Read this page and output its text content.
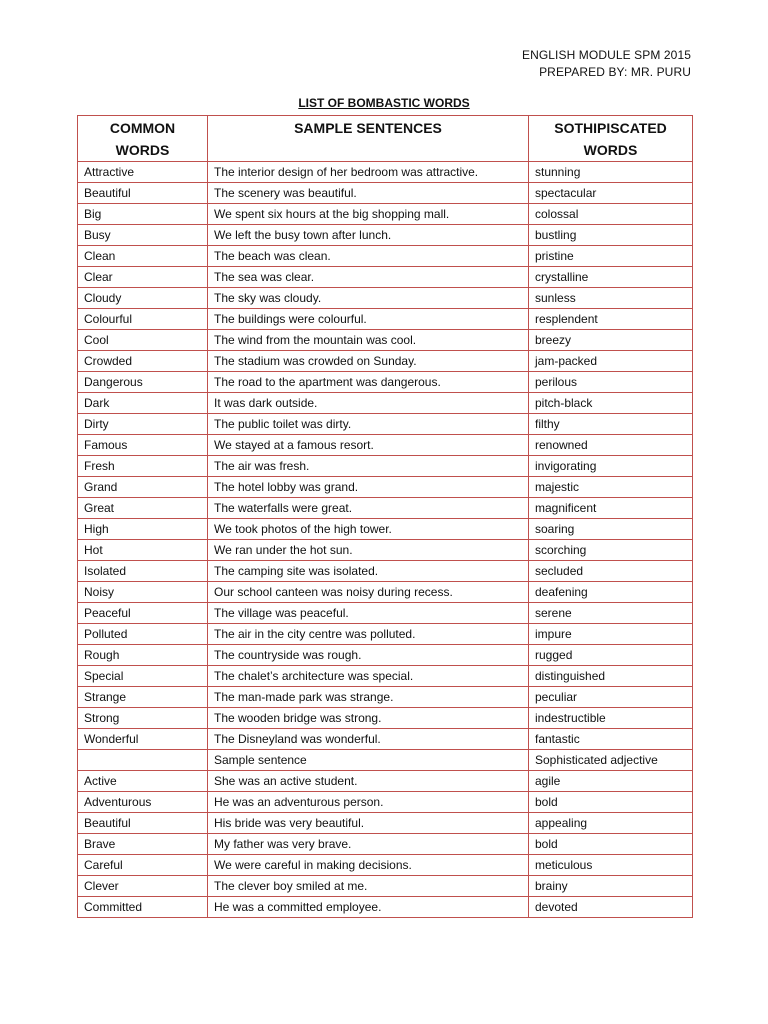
ENGLISH MODULE SPM 2015
PREPARED BY: MR. PURU
LIST OF BOMBASTIC WORDS
COMMON WORDS	SAMPLE SENTENCES	SOTHIPISCATED WORDS
Attractive	The interior design of her bedroom was attractive.	stunning
Beautiful	The scenery was beautiful.	spectacular
Big	We spent six hours at the big shopping mall.	colossal
Busy	We left the busy town after lunch.	bustling
Clean	The beach was clean.	pristine
Clear	The sea was clear.	crystalline
Cloudy	The sky was cloudy.	sunless
Colourful	The buildings were colourful.	resplendent
Cool	The wind from the mountain was cool.	breezy
Crowded	The stadium was crowded on Sunday.	jam-packed
Dangerous	The road to the apartment was dangerous.	perilous
Dark	It was dark outside.	pitch-black
Dirty	The public toilet was dirty.	filthy
Famous	We stayed at a famous resort.	renowned
Fresh	The air was fresh.	invigorating
Grand	The hotel lobby was grand.	majestic
Great	The waterfalls were great.	magnificent
High	We took photos of the high tower.	soaring
Hot	We ran under the hot sun.	scorching
Isolated	The camping site was isolated.	secluded
Noisy	Our school canteen was noisy during recess.	deafening
Peaceful	The village was peaceful.	serene
Polluted	The air in the city centre was polluted.	impure
Rough	The countryside was rough.	rugged
Special	The chalet’s architecture was special.	distinguished
Strange	The man-made park was strange.	peculiar
Strong	The wooden bridge was strong.	indestructible
Wonderful	The Disneyland was wonderful.	fantastic
	Sample sentence	Sophisticated adjective
Active	She was an active student.	agile
Adventurous	He was an adventurous person.	bold
Beautiful	His bride was very beautiful.	appealing
Brave	My father was very brave.	bold
Careful	We were careful in making decisions.	meticulous
Clever	The clever boy smiled at me.	brainy
Committed	He was a committed employee.	devoted
